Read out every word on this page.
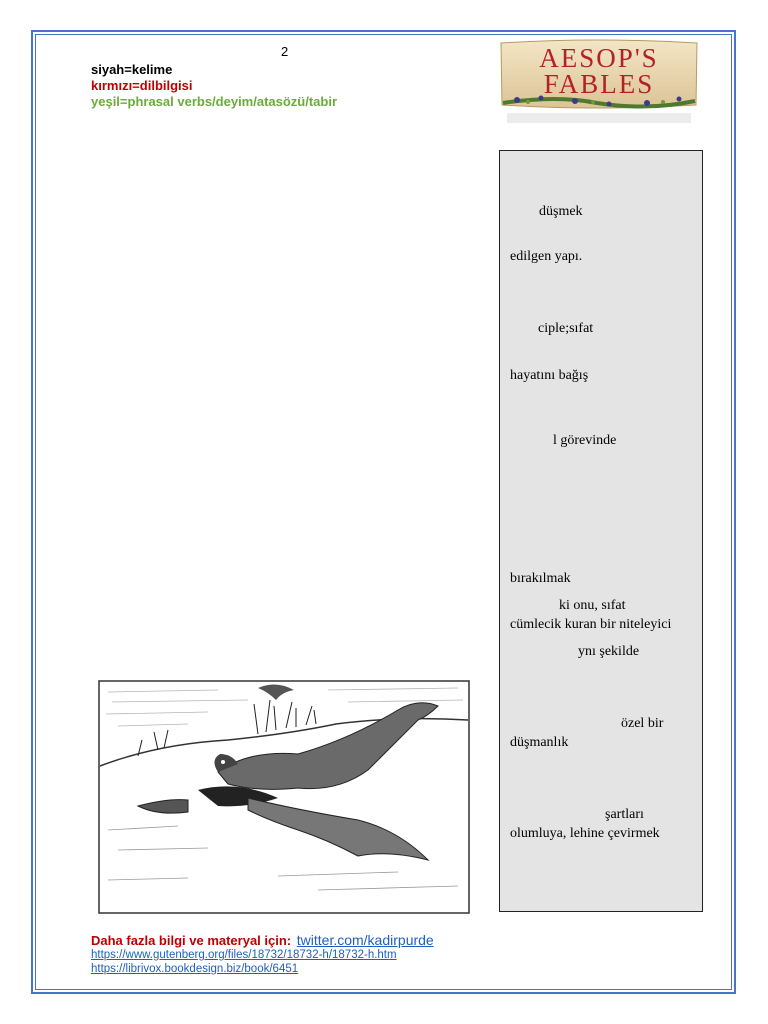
2
siyah=kelime
kırmızı=dilbilgisi
yeşil=phrasal verbs/deyim/atasözü/tabir
AESOP'S
FABLES
düşmek
edilgen yapı.
ciple;sıfat
hayatını bağış
l görevinde
bırakılmak
ki onu, sıfat
cümlecik kuran bir niteleyici
ynı şekilde
özel bir
düşmanlık
şartları
olumluya, lehine çevirmek
Daha fazla bilgi ve materyal için: twitter.com/kadirpurde
https://www.gutenberg.org/files/18732/18732-h/18732-h.htm
https://librivox.bookdesign.biz/book/6451
